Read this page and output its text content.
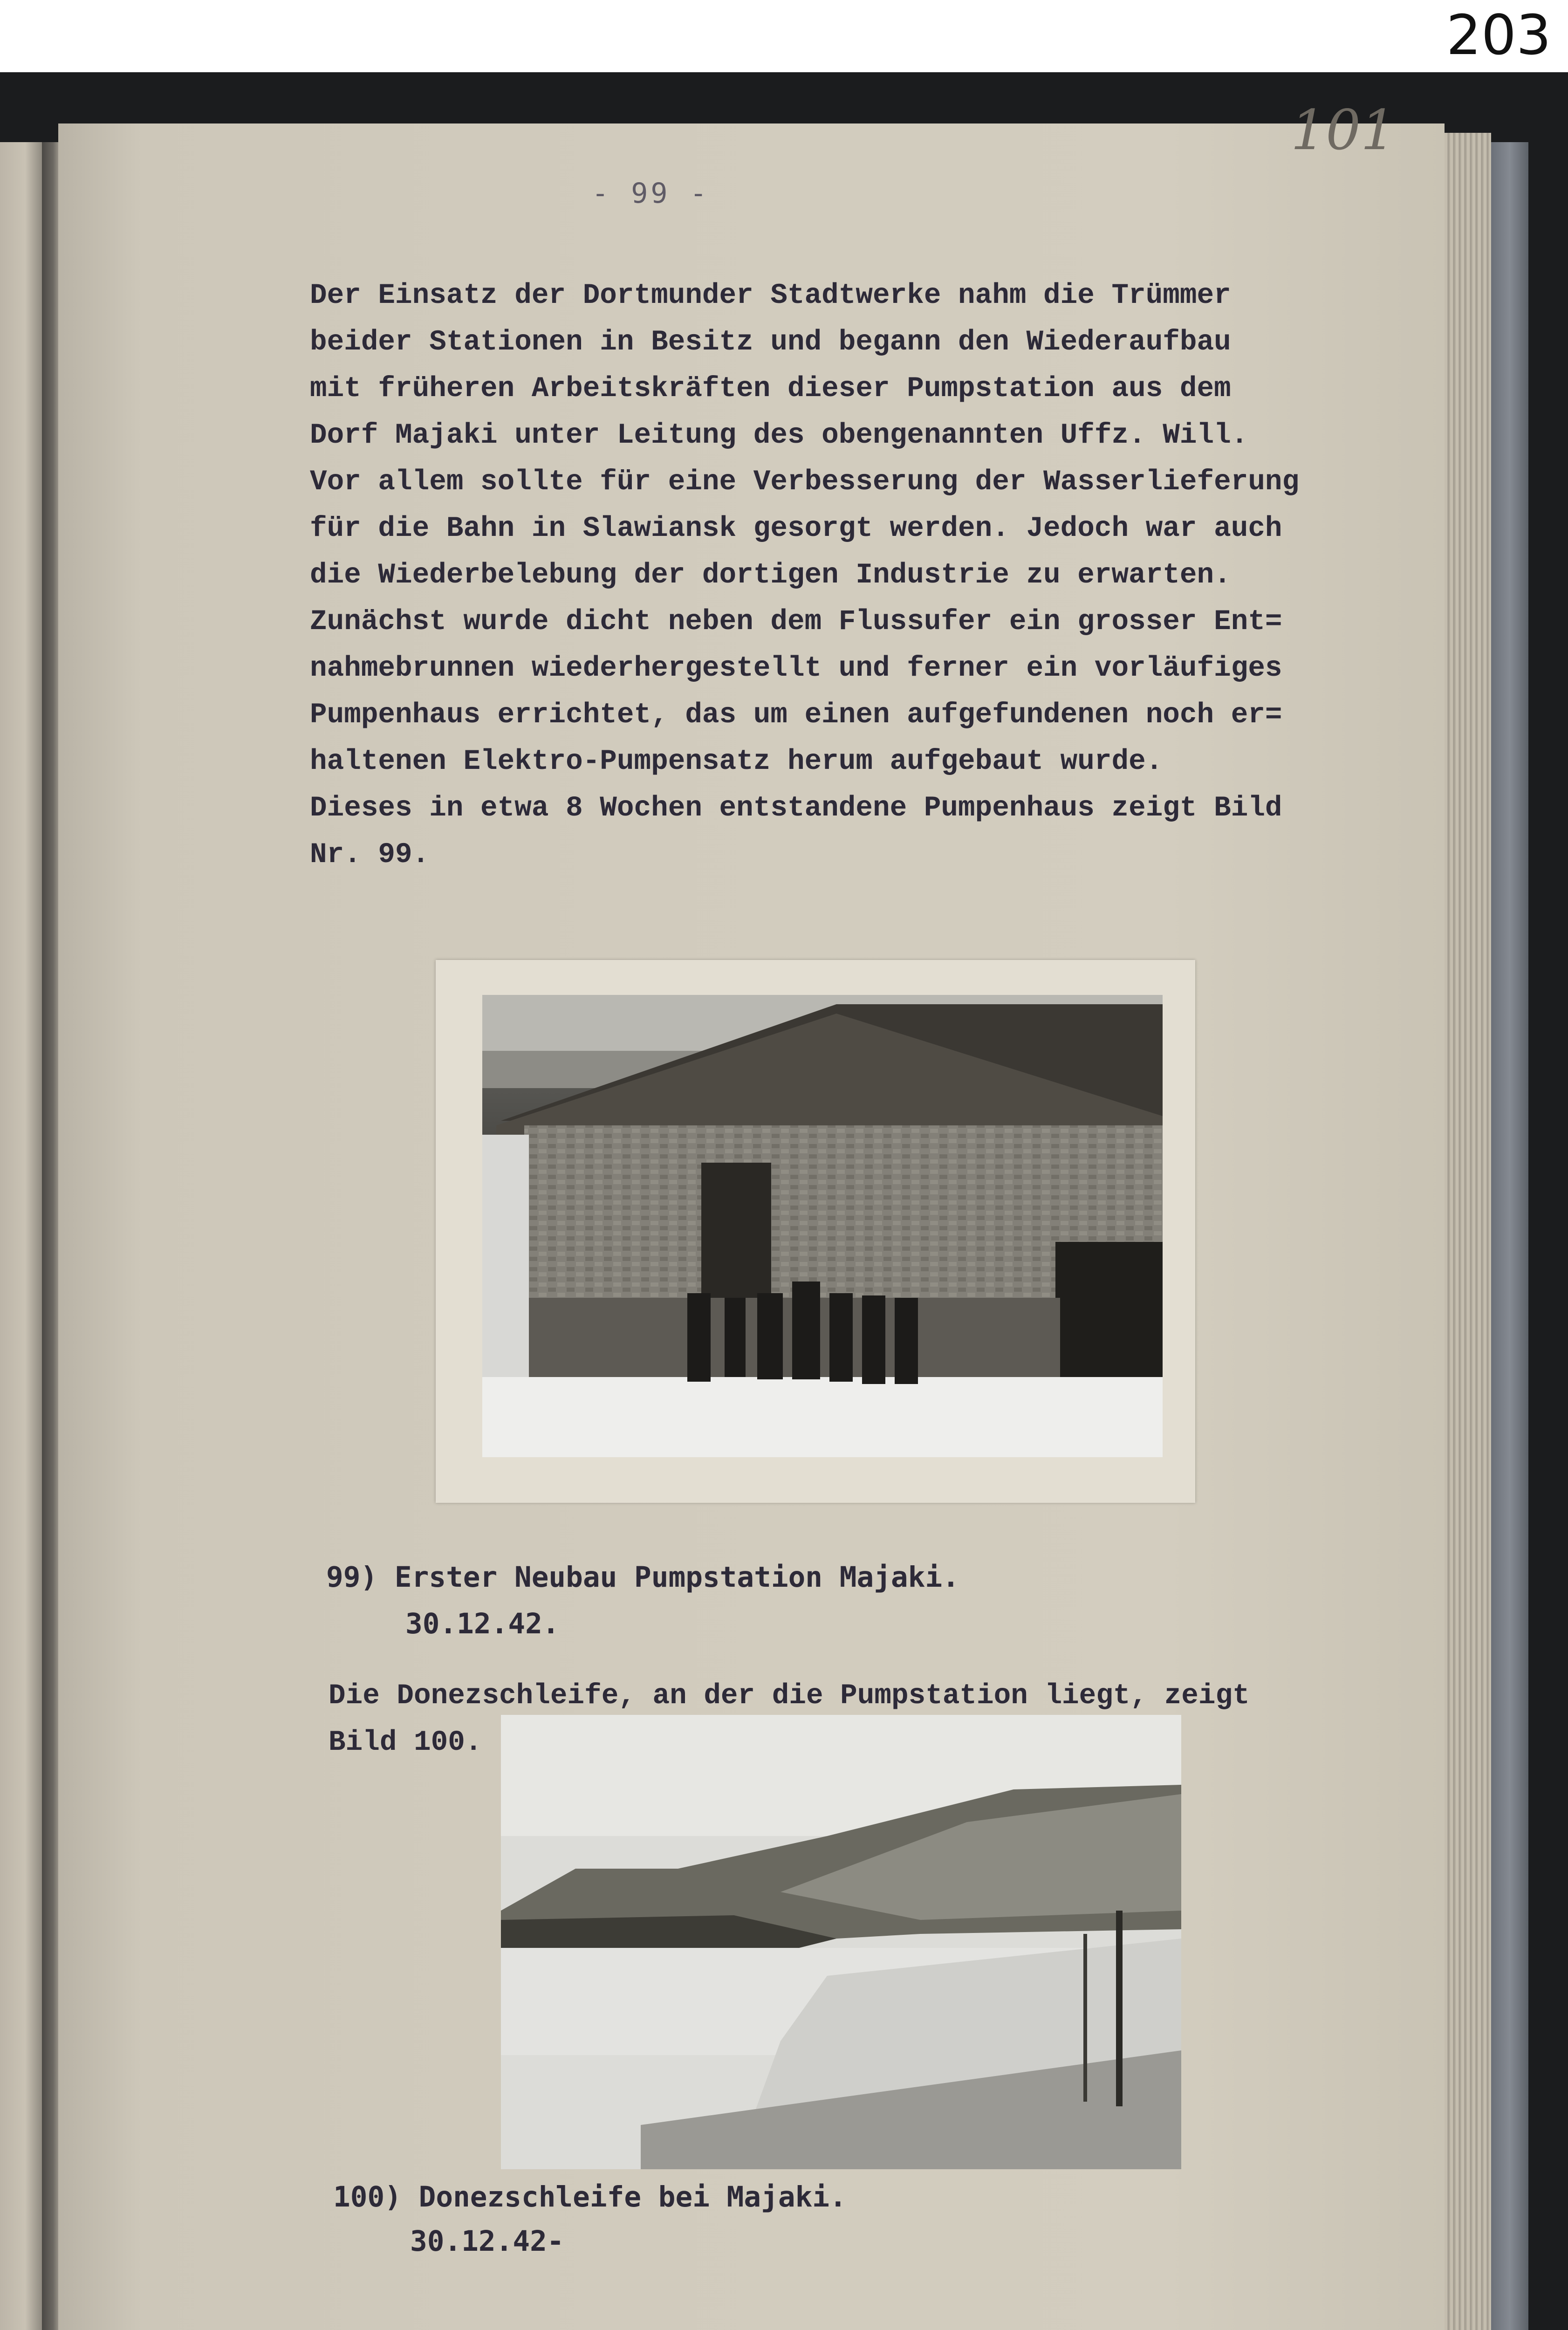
203
101
- 99 -
Der Einsatz der Dortmunder Stadtwerke nahm die Trümmer
beider Stationen in Besitz und begann den Wiederaufbau
mit früheren Arbeitskräften dieser Pumpstation aus dem
Dorf Majaki unter Leitung des obengenannten Uffz. Will.
Vor allem sollte für eine Verbesserung der Wasserlieferung
für die Bahn in Slawiansk gesorgt werden. Jedoch war auch
die Wiederbelebung der dortigen Industrie zu erwarten.
Zunächst wurde dicht neben dem Flussufer ein grosser Ent=
nahmebrunnen wiederhergestellt und ferner ein vorläufiges
Pumpenhaus errichtet, das um einen aufgefundenen noch er=
haltenen Elektro-Pumpensatz herum aufgebaut wurde.
Dieses in etwa 8 Wochen entstandene Pumpenhaus zeigt Bild
Nr. 99.
99) Erster Neubau Pumpstation Majaki.
30.12.42.
Die Donezschleife, an der die Pumpstation liegt, zeigt
Bild 100.
100) Donezschleife bei Majaki.
30.12.42-
